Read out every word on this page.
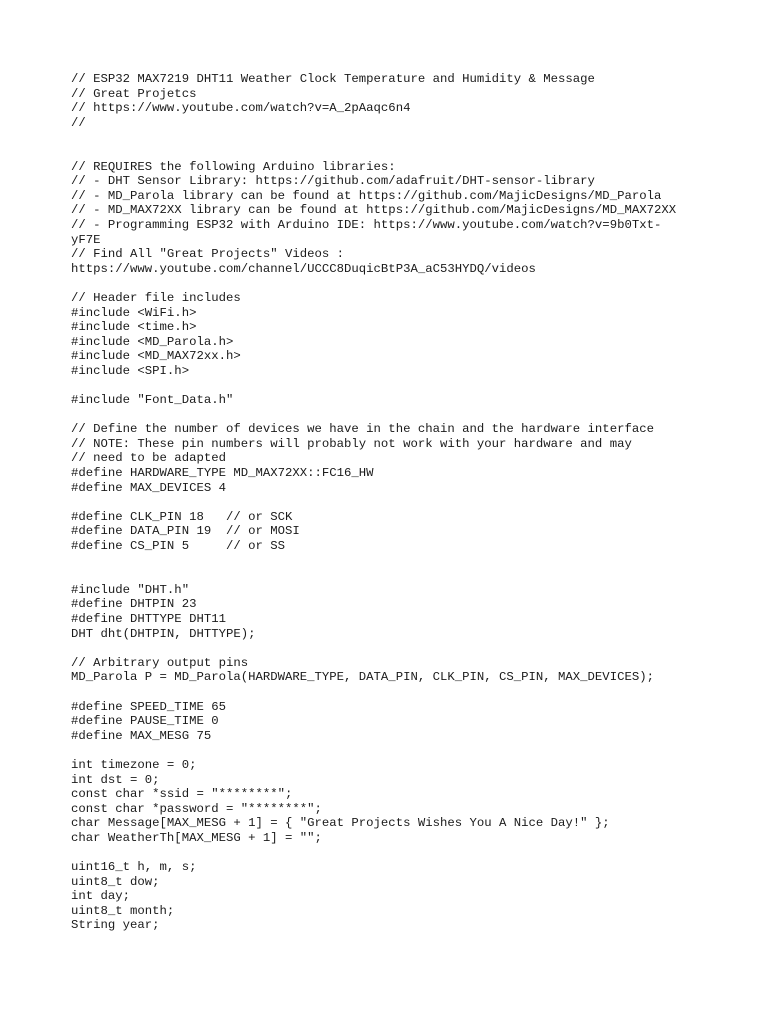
// ESP32 MAX7219 DHT11 Weather Clock Temperature and Humidity & Message
// Great Projetcs
// https://www.youtube.com/watch?v=A_2pAaqc6n4
//

// REQUIRES the following Arduino libraries:
// - DHT Sensor Library: https://github.com/adafruit/DHT-sensor-library
// - MD_Parola library can be found at https://github.com/MajicDesigns/MD_Parola
// - MD_MAX72XX library can be found at https://github.com/MajicDesigns/MD_MAX72XX
// - Programming ESP32 with Arduino IDE: https://www.youtube.com/watch?v=9b0Txt-
yF7E
// Find All "Great Projects" Videos :
https://www.youtube.com/channel/UCCC8DuqicBtP3A_aC53HYDQ/videos

// Header file includes
#include <WiFi.h>
#include <time.h>
#include <MD_Parola.h>
#include <MD_MAX72xx.h>
#include <SPI.h>

#include "Font_Data.h"

// Define the number of devices we have in the chain and the hardware interface
// NOTE: These pin numbers will probably not work with your hardware and may
// need to be adapted
#define HARDWARE_TYPE MD_MAX72XX::FC16_HW
#define MAX_DEVICES 4

#define CLK_PIN 18   // or SCK
#define DATA_PIN 19  // or MOSI
#define CS_PIN 5     // or SS

#include "DHT.h"
#define DHTPIN 23
#define DHTTYPE DHT11
DHT dht(DHTPIN, DHTTYPE);

// Arbitrary output pins
MD_Parola P = MD_Parola(HARDWARE_TYPE, DATA_PIN, CLK_PIN, CS_PIN, MAX_DEVICES);

#define SPEED_TIME 65
#define PAUSE_TIME 0
#define MAX_MESG 75

int timezone = 0;
int dst = 0;
const char *ssid = "********";
const char *password = "********";
char Message[MAX_MESG + 1] = { "Great Projects Wishes You A Nice Day!" };
char WeatherTh[MAX_MESG + 1] = "";

uint16_t h, m, s;
uint8_t dow;
int day;
uint8_t month;
String year;
